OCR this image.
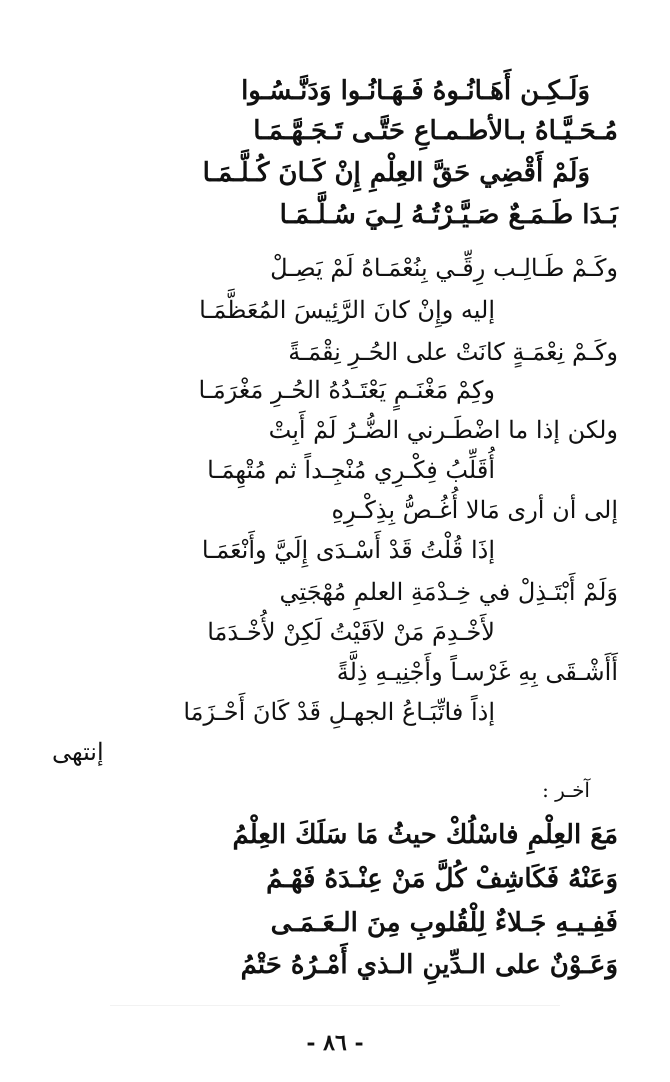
وَلَـكِـن أَهَـانُـوهُ فَـهَـانُـوا وَدَنَّـسُـوا
مُـحَـيَّـاهُ بـالأطـمـاعِ حَتَّـى تَـجَـهَّـمَـا
وَلَمْ أَقْضِي حَقَّ العِلْمِ إِنْ كَـانَ كُـلَّـمَـا
بَـدَا طَـمَـعٌ صَـيَّـرْتُـهُ لِـيَ سُـلَّـمَـا
وكَـمْ طَـالِـب رِقِّـي بِنُعْمَـاهُ لَمْ يَصِـلْ
إليه وإِنْ كانَ الرَّئِيسَ المُعَظَّمَـا
وكَـمْ نِعْمَـةٍ كانَتْ على الحُـرِ نِقْمَـةً
وكِمْ مَغْنَـمٍ يَعْتَـدُهُ الحُـرِ مَغْرَمَـا
ولكن إذا ما اضْطَـرني الضُّـرُ لَمْ أَبِتْ
أُقَلِّبُ فِكْـرِي مُنْجِـداً ثم مُتْهِمَـا
إلى أن أرى مَالا أُغُـصُّ بِذِكْـرِهِ
إذَا قُلْتُ قَدْ أَسْـدَى إِلَيَّ وأَنْعَمَـا
وَلَمْ أَبْتَـذِلْ في خِـدْمَةِ العلمِ مُهْجَتِي
لأَخْـدِمَ مَنْ لاَقَيْتُ لَكِنْ لأُخْـدَمَا
أَأَشْـقَى بِهِ غَرْسـاً وأَجْنِيـهِ ذِلَّةً
إذاً فاتِّبَـاعُ الجهـلِ قَدْ كَانَ أَحْـزَمَا
إنتهى
آخـر :
مَعَ العِلْمِ فاسْلُكْ حيثُ مَا سَلَكَ العِلْمُ
وَعَنْهُ فَكَاشِفْ كُلَّ مَنْ عِنْـدَهُ فَهْـمُ
فَفِـيـهِ جَـلاءٌ لِلْقُلوبِ مِنَ الـعَـمَـى
وَعَـوْنٌ على الـدِّينِ الـذي أَمْـرُهُ حَتْمُ
- ٨٦ -
